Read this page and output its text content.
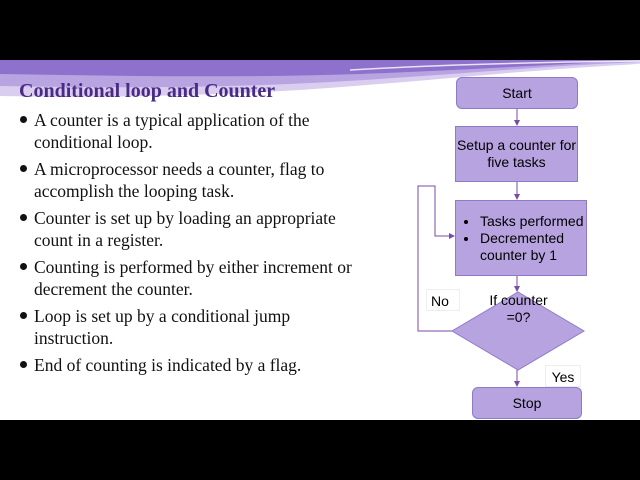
Conditional loop and Counter
A counter is a typical application of the conditional loop.
A microprocessor needs a counter, flag to accomplish the looping task.
Counter is set up by loading an appropriate count in a register.
Counting is performed by either increment or decrement the counter.
Loop is set up by a conditional jump instruction.
End of counting is indicated by a flag.
Start
Setup a counter for five tasks
Tasks performed
Decremented counter by 1
If counter =0?
No
Yes
Stop
